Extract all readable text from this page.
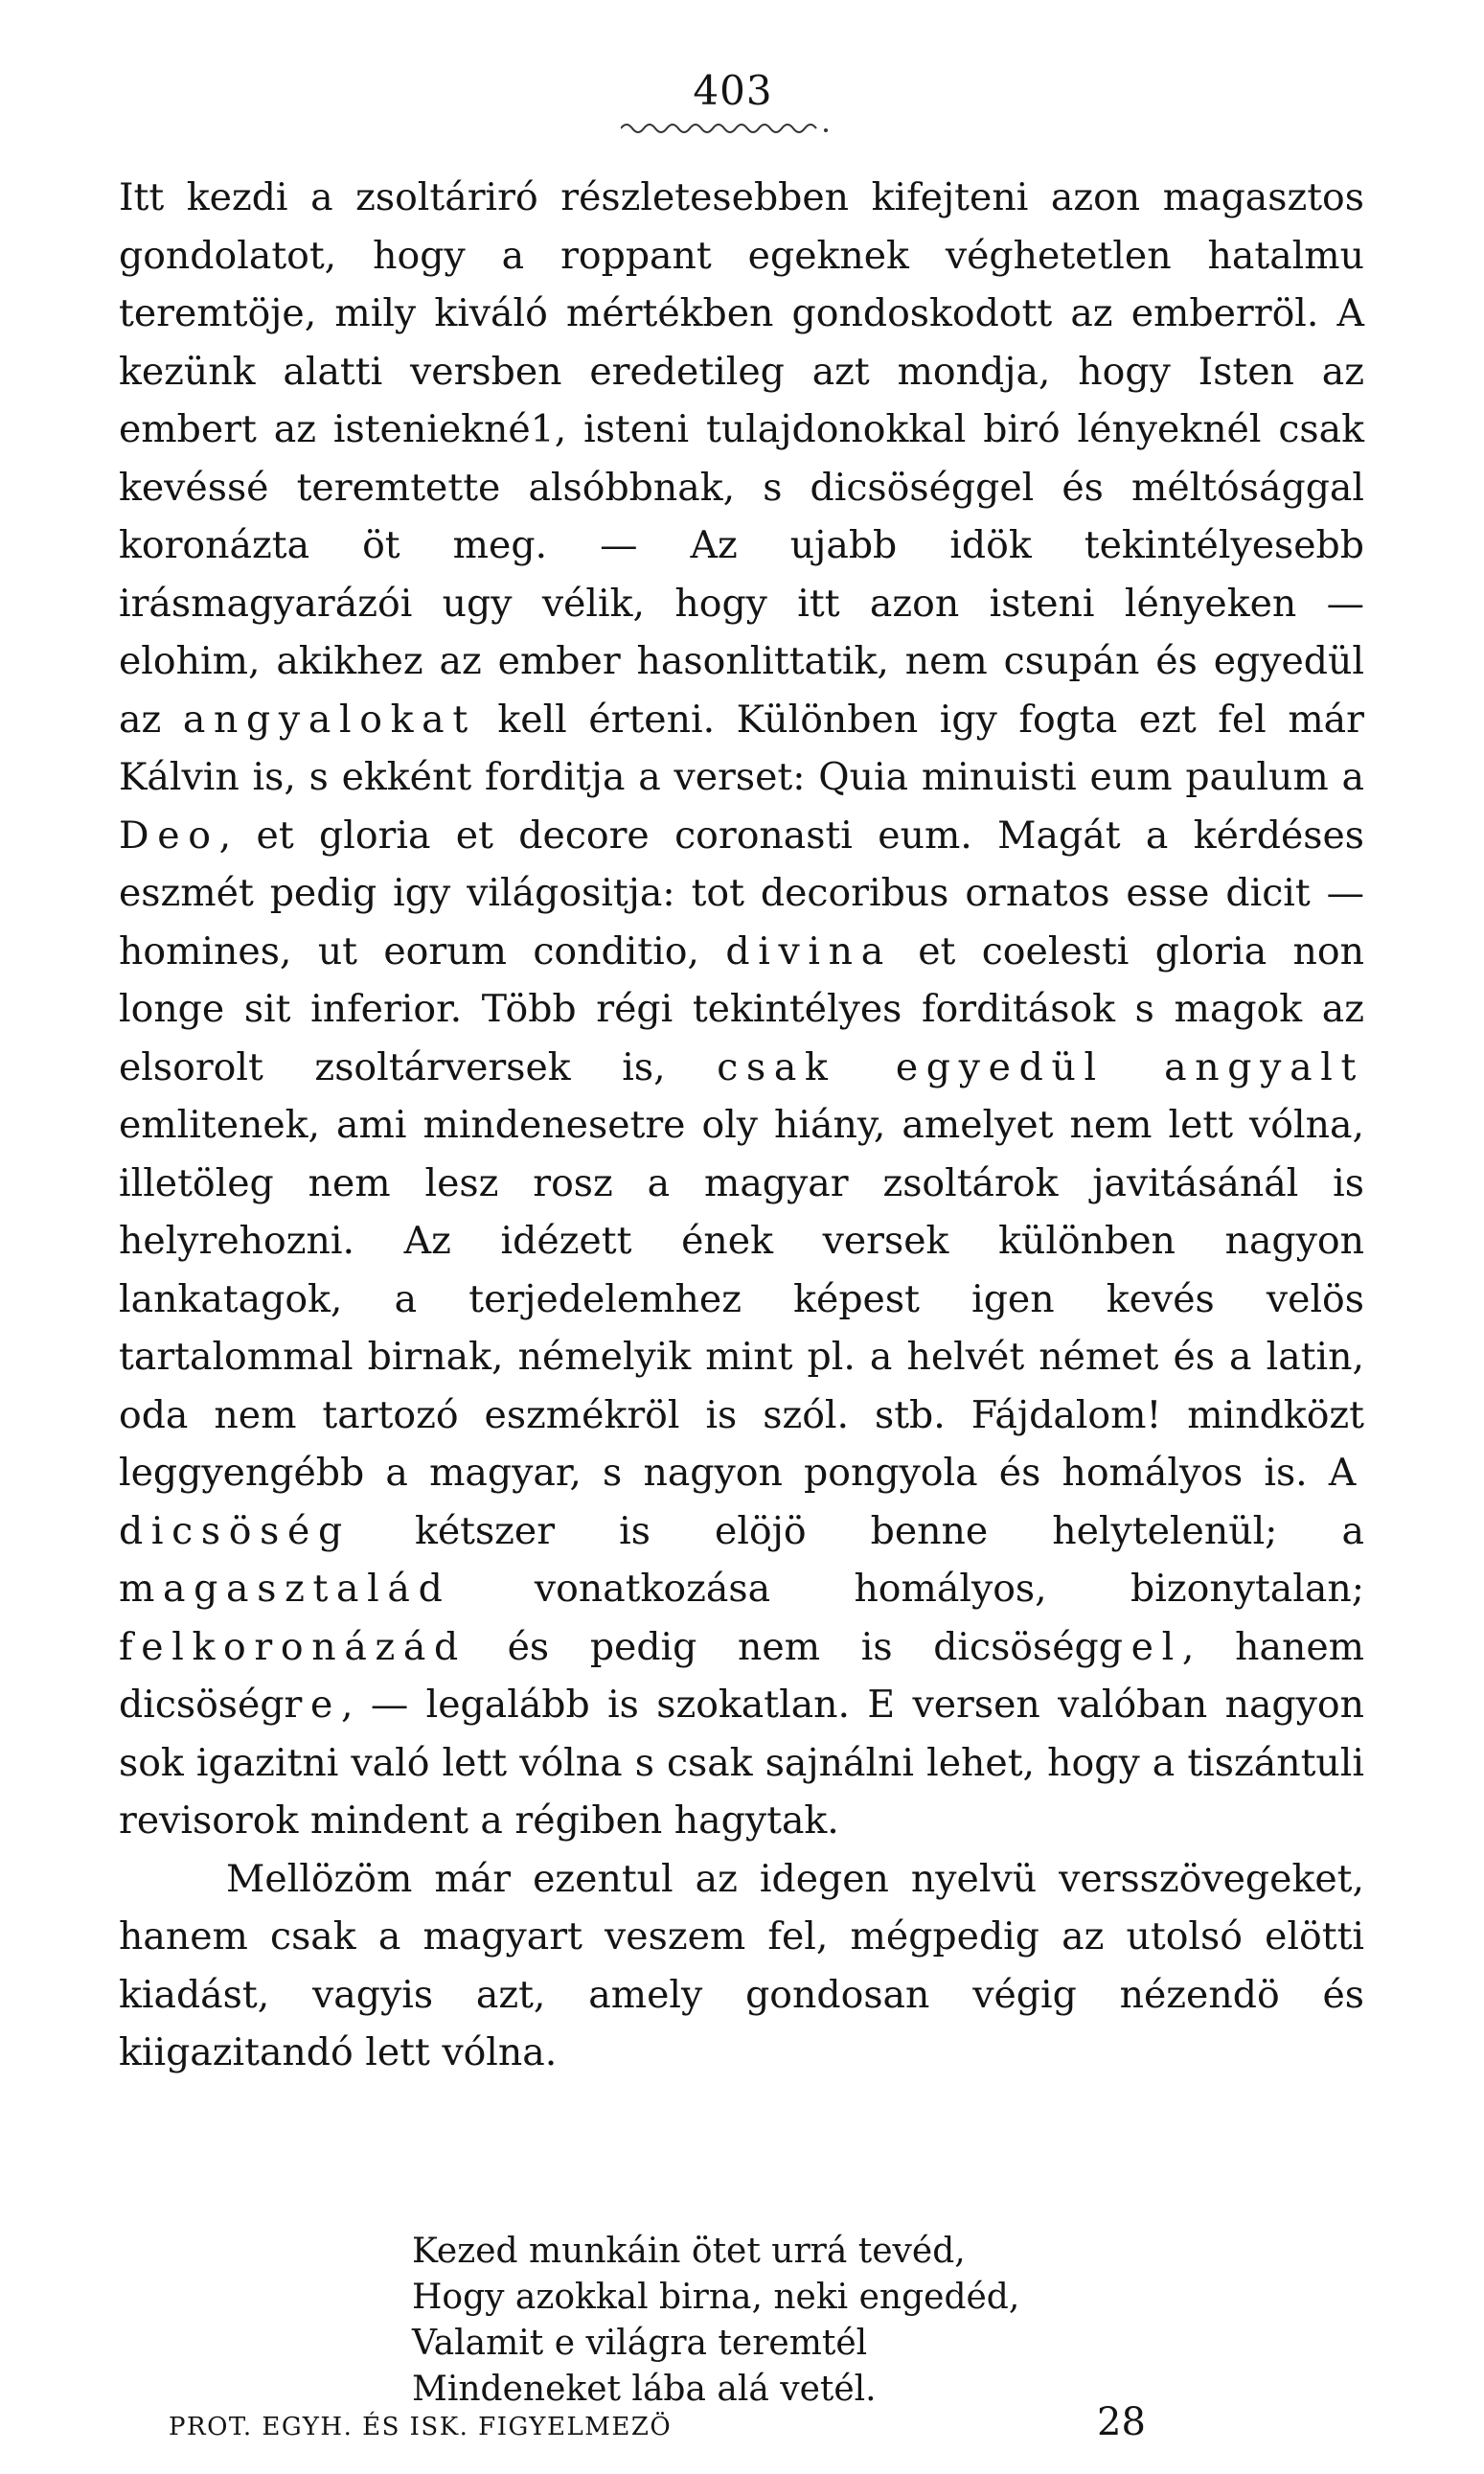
403

Itt kezdi a zsoltáriró részletesebben kifejteni azon magasztos gondolatot, hogy a roppant egeknek véghetetlen hatalmu teremtöje, mily kiváló mértékben gondoskodott az emberröl. A kezünk alatti versben eredetileg azt mondja, hogy Isten az embert az isteniekné1, isteni tulajdonokkal biró lényeknél csak kevéssé teremtette alsóbbnak, s dicsöséggel és méltósággal koronázta öt meg. — Az ujabb idök tekintélyesebb irásmagyarázói ugy vélik, hogy itt azon isteni lényeken — elohim, akikhez az ember hasonlittatik, nem csupán és egyedül az angyalokat kell érteni. Különben igy fogta ezt fel már Kálvin is, s ekként forditja a verset: Quia minuisti eum paulum a Deo, et gloria et decore coronasti eum. Magát a kérdéses eszmét pedig igy világositja: tot decoribus ornatos esse dicit — homines, ut eorum conditio, divina et coelesti gloria non longe sit inferior. Több régi tekintélyes forditások s magok az elsorolt zsoltárversek is, csak egyedül angyalt emlitenek, ami mindenesetre oly hiány, amelyet nem lett vólna, illetöleg nem lesz rosz a magyar zsoltárok javitásánál is helyrehozni. Az idézett ének versek különben nagyon lankatagok, a terjedelemhez képest igen kevés velös tartalommal birnak, némelyik mint pl. a helvét német és a latin, oda nem tartozó eszmékröl is szól. stb. Fájdalom! mindközt leggyengébb a magyar, s nagyon pongyola és homályos is. A dicsöség kétszer is elöjö benne helytelenül; a magasztalád vonatkozása homályos, bizonytalan; felkoronázád és pedig nem is dicsöséggel, hanem dicsöségre, — legalább is szokatlan. E versen valóban nagyon sok igazitni való lett vólna s csak sajnálni lehet, hogy a tiszántuli revisorok mindent a régiben hagytak.

Mellözöm már ezentul az idegen nyelvü versszövegeket, hanem csak a magyart veszem fel, mégpedig az utolsó elötti kiadást, vagyis azt, amely gondosan végig nézendö és kiigazitandó lett vólna.

Kezed munkáin ötet urrá tevéd,
Hogy azokkal birna, neki engedéd,
Valamit e világra teremtél
Mindeneket lába alá vetél.
PROT. EGYH. ÉS ISK. FIGYELMEZÖ	28
